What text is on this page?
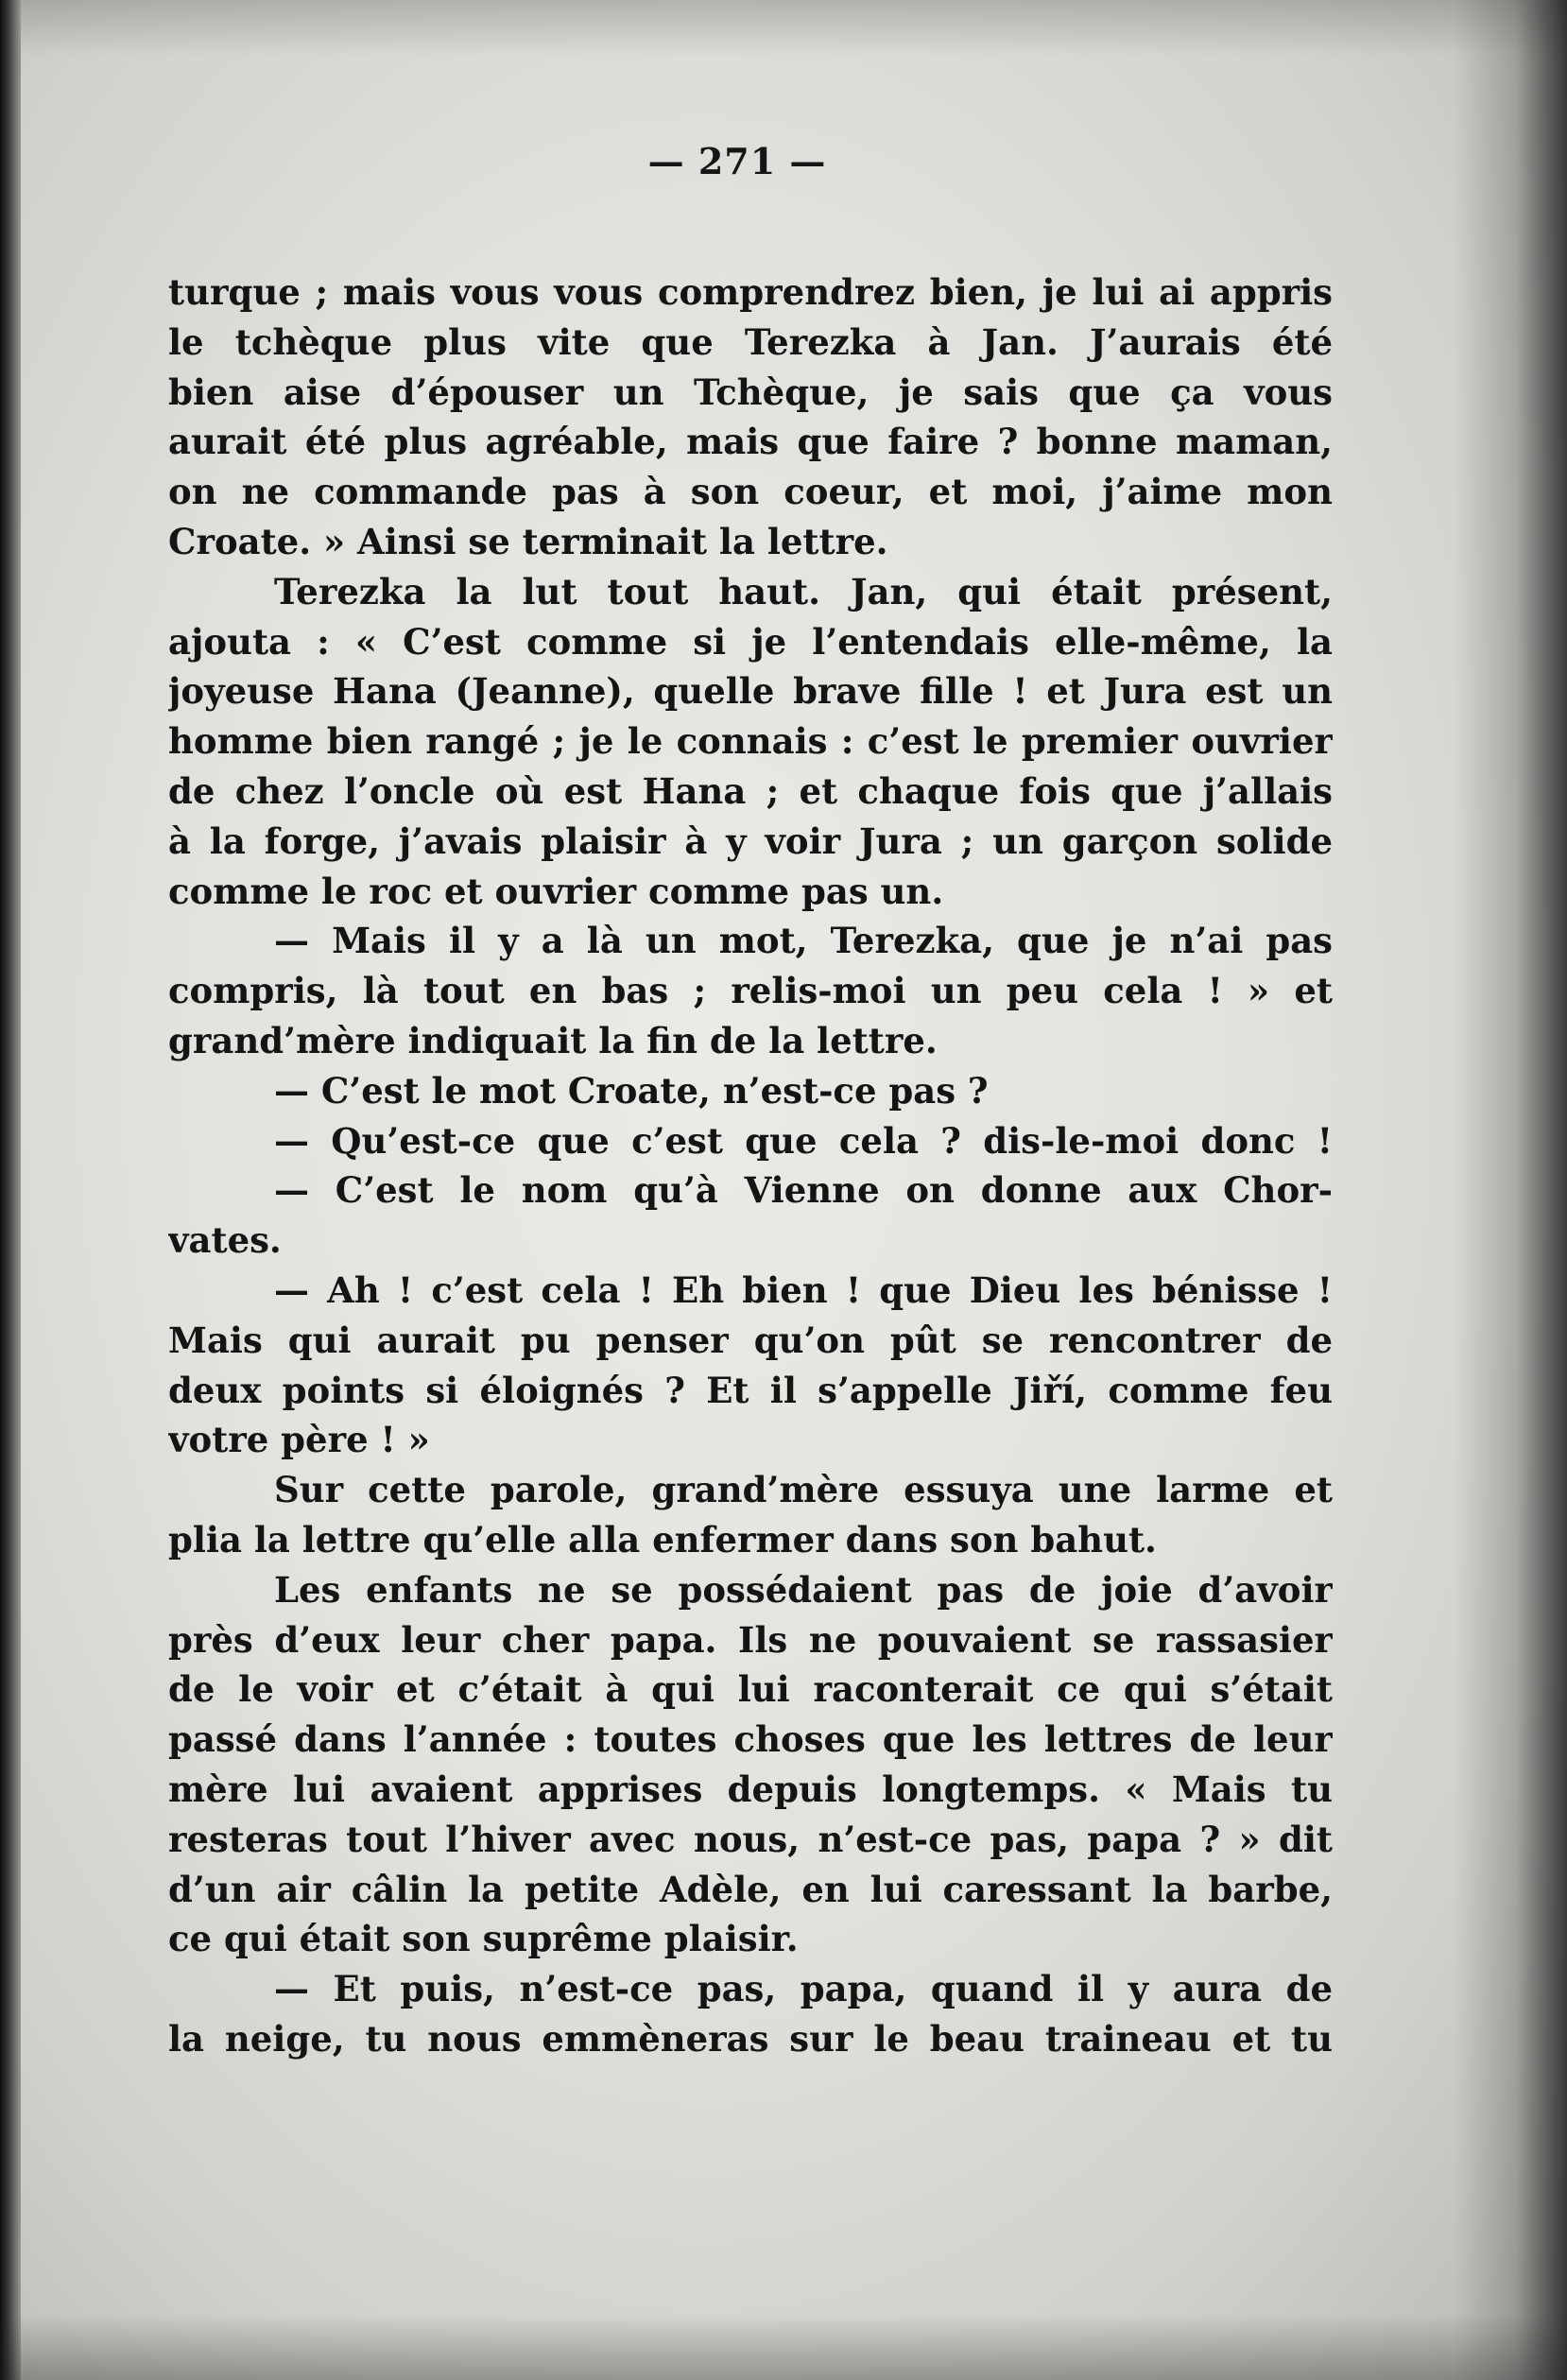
— 271 —
turque ; mais vous vous comprendrez bien, je lui ai appris
le tchèque plus vite que Terezka à Jan. J’aurais été
bien aise d’épouser un Tchèque, je sais que ça vous
aurait été plus agréable, mais que faire ? bonne maman,
on ne commande pas à son coeur, et moi, j’aime mon
Croate. » Ainsi se terminait la lettre.
Terezka la lut tout haut. Jan, qui était présent,
ajouta : « C’est comme si je l’entendais elle-même, la
joyeuse Hana (Jeanne), quelle brave fille ! et Jura est un
homme bien rangé ; je le connais : c’est le premier ouvrier
de chez l’oncle où est Hana ; et chaque fois que j’allais
à la forge, j’avais plaisir à y voir Jura ; un garçon solide
comme le roc et ouvrier comme pas un.
— Mais il y a là un mot, Terezka, que je n’ai pas
compris, là tout en bas ; relis-moi un peu cela ! » et
grand’mère indiquait la fin de la lettre.
— C’est le mot Croate, n’est-ce pas ?
— Qu’est-ce que c’est que cela ? dis-le-moi donc !
— C’est le nom qu’à Vienne on donne aux Chor-
vates.
— Ah ! c’est cela ! Eh bien ! que Dieu les bénisse !
Mais qui aurait pu penser qu’on pût se rencontrer de
deux points si éloignés ? Et il s’appelle Jiří, comme feu
votre père ! »
Sur cette parole, grand’mère essuya une larme et
plia la lettre qu’elle alla enfermer dans son bahut.
Les enfants ne se possédaient pas de joie d’avoir
près d’eux leur cher papa. Ils ne pouvaient se rassasier
de le voir et c’était à qui lui raconterait ce qui s’était
passé dans l’année : toutes choses que les lettres de leur
mère lui avaient apprises depuis longtemps. « Mais tu
resteras tout l’hiver avec nous, n’est-ce pas, papa ? » dit
d’un air câlin la petite Adèle, en lui caressant la barbe,
ce qui était son suprême plaisir.
— Et puis, n’est-ce pas, papa, quand il y aura de
la neige, tu nous emmèneras sur le beau traineau et tu
